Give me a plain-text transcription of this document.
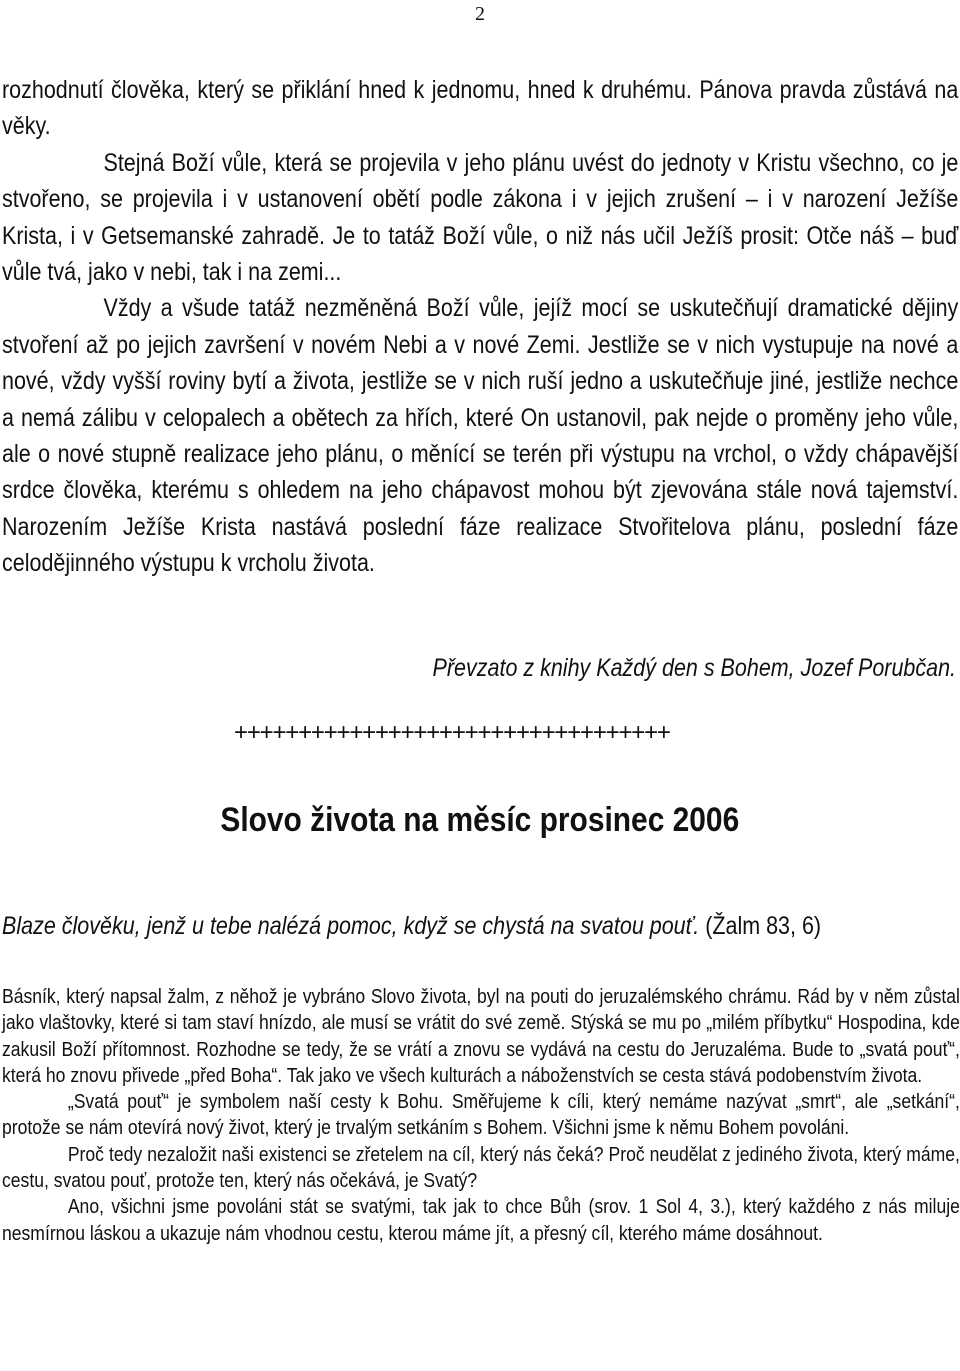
2

rozhodnutí člověka, který se přiklání hned k jednomu, hned k druhému. Pánova pravda zůstává na věky.

Stejná Boží vůle, která se projevila v jeho plánu uvést do jednoty v Kristu všechno, co je stvořeno, se projevila i v ustanovení obětí podle zákona i v jejich zrušení – i v narození Ježíše Krista, i v Getsemanské zahradě. Je to tatáž Boží vůle, o niž nás učil Ježíš prosit: Otče náš – buď vůle tvá, jako v nebi, tak i na zemi...

Vždy a všude tatáž nezměněná Boží vůle, jejíž mocí se uskutečňují dramatické dějiny stvoření až po jejich završení v novém Nebi a v nové Zemi. Jestliže se v nich vystupuje na nové a nové, vždy vyšší roviny bytí a života, jestliže se v nich ruší jedno a uskutečňuje jiné, jestliže nechce a nemá zálibu v celopalech a obětech za hřích, které On ustanovil, pak nejde o proměny jeho vůle, ale o nové stupně realizace jeho plánu, o měnící se terén při výstupu na vrchol, o vždy chápavější srdce člověka, kterému s ohledem na jeho chápavost mohou být zjevována stále nová tajemství. Narozením Ježíše Krista nastává poslední fáze realizace Stvořitelova plánu, poslední fáze celodějinného výstupu k vrcholu života.

Převzato z knihy Každý den s Bohem, Jozef Porubčan.
++++++++++++++++++++++++++++++++++
Slovo života na měsíc prosinec 2006
Blaze člověku, jenž u tebe nalézá pomoc, když se chystá na svatou pouť. (Žalm 83, 6)

Básník, který napsal žalm, z něhož je vybráno Slovo života, byl na pouti do jeruzalémského chrámu. Rád by v něm zůstal jako vlaštovky, které si tam staví hnízdo, ale musí se vrátit do své země. Stýská se mu po „milém příbytku“ Hospodina, kde zakusil Boží přítomnost. Rozhodne se tedy, že se vrátí a znovu se vydává na cestu do Jeruzaléma. Bude to „svatá pouť“, která ho znovu přivede „před Boha“. Tak jako ve všech kulturách a náboženstvích se cesta stává podobenstvím života.

„Svatá pouť“ je symbolem naší cesty k Bohu. Směřujeme k cíli, který nemáme nazývat „smrt“, ale „setkání“, protože se nám otevírá nový život, který je trvalým setkáním s Bohem. Všichni jsme k němu Bohem povoláni.

Proč tedy nezaložit naši existenci se zřetelem na cíl, který nás čeká? Proč neudělat z jediného života, který máme, cestu, svatou pouť, protože ten, který nás očekává, je Svatý?

Ano, všichni jsme povoláni stát se svatými, tak jak to chce Bůh (srov. 1 Sol 4, 3.), který každého z nás miluje nesmírnou láskou a ukazuje nám vhodnou cestu, kterou máme jít, a přesný cíl, kterého máme dosáhnout.
